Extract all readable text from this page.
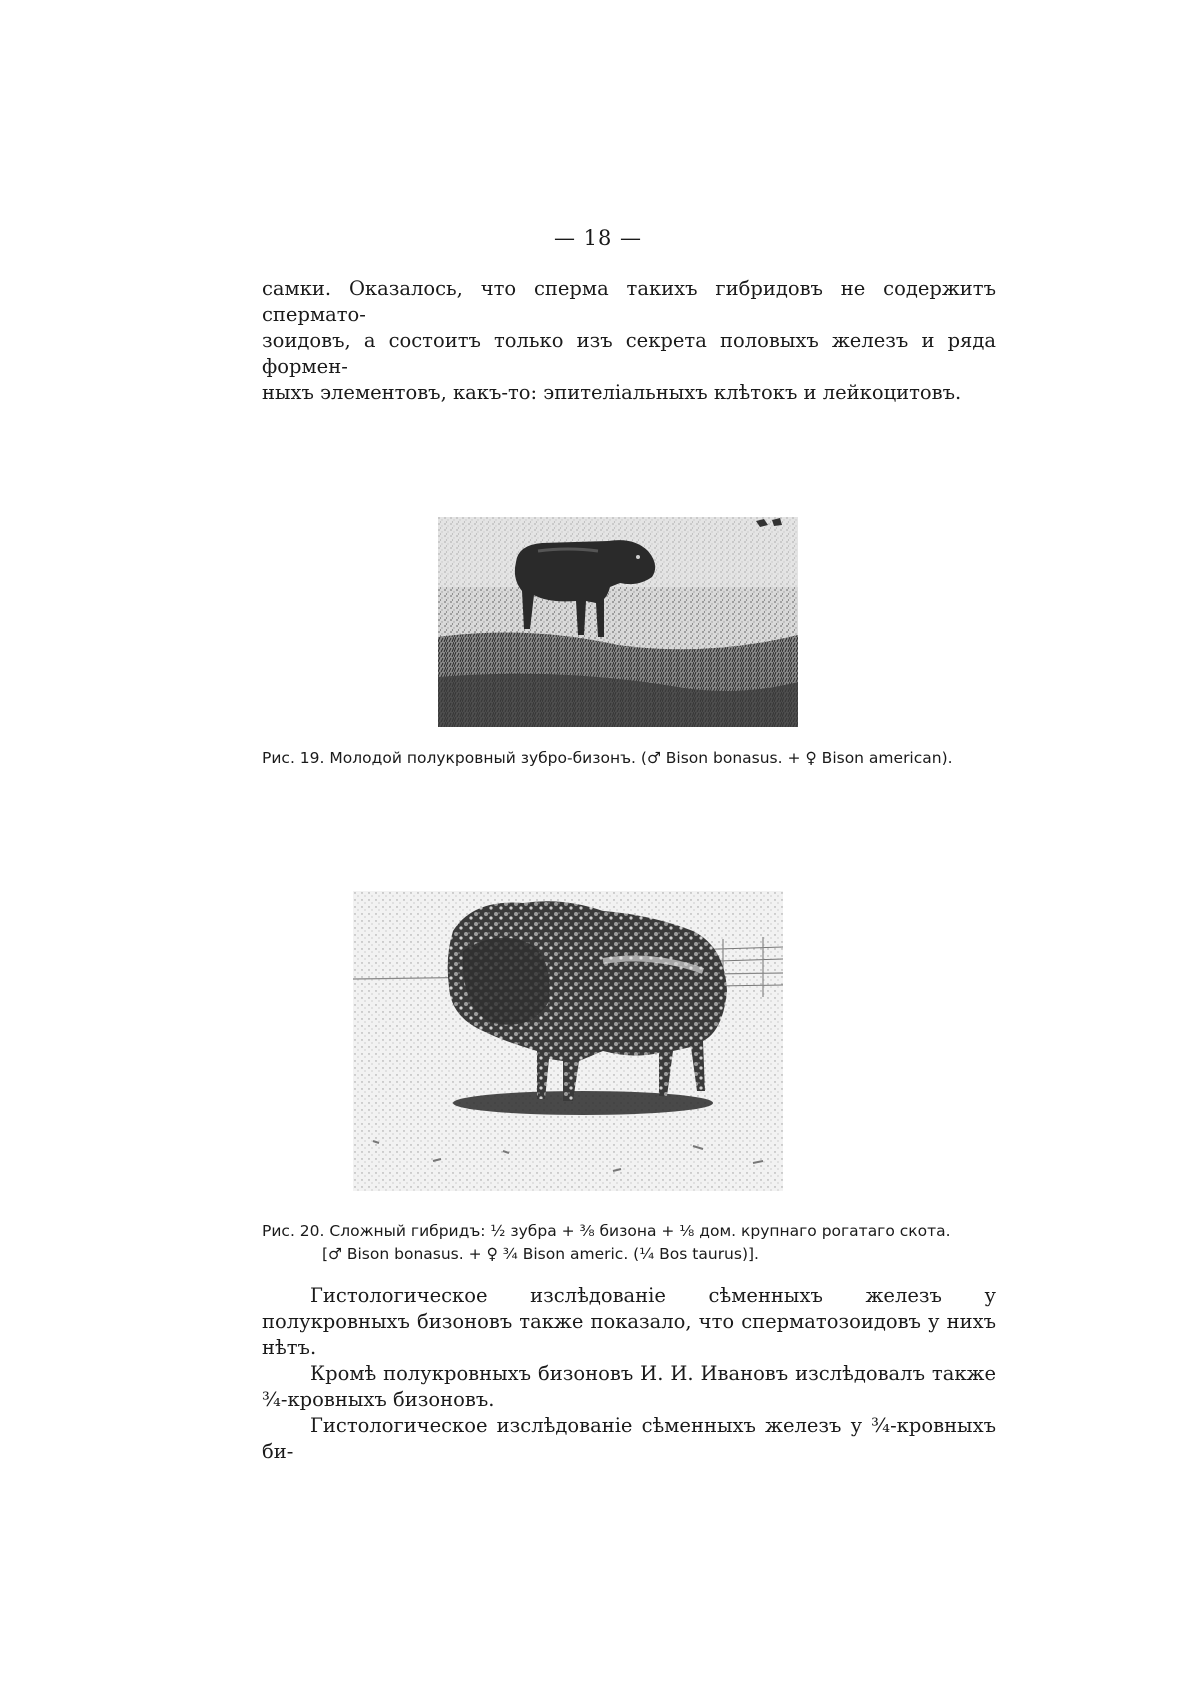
— 18 —
самки. Оказалось, что сперма такихъ гибридовъ не содержитъ спермато-
зоидовъ, а состоитъ только изъ секрета половыхъ железъ и ряда формен-
ныхъ элементовъ, какъ-то: эпителіальныхъ клѣтокъ и лейкоцитовъ.
Рис. 19. Молодой полукровный зубро-бизонъ. (♂ Bison bonasus. + ♀ Bison american).
Рис. 20. Сложный гибридъ: ½ зубра + ³⁄₈ бизона + ⅛ дом. крупнаго рогатаго скота.
[♂ Bison bonasus. + ♀ ¾ Bison americ. (¼ Bos taurus)].

Гистологическое изслѣдованіе сѣменныхъ железъ у полукровныхъ бизоновъ также показало, что сперматозоидовъ у нихъ нѣтъ.

Кромѣ полукровныхъ бизоновъ И. И. Ивановъ изслѣдовалъ также ¾-кровныхъ бизоновъ.

Гистологическое изслѣдованіе сѣменныхъ железъ у ¾-кровныхъ би-
